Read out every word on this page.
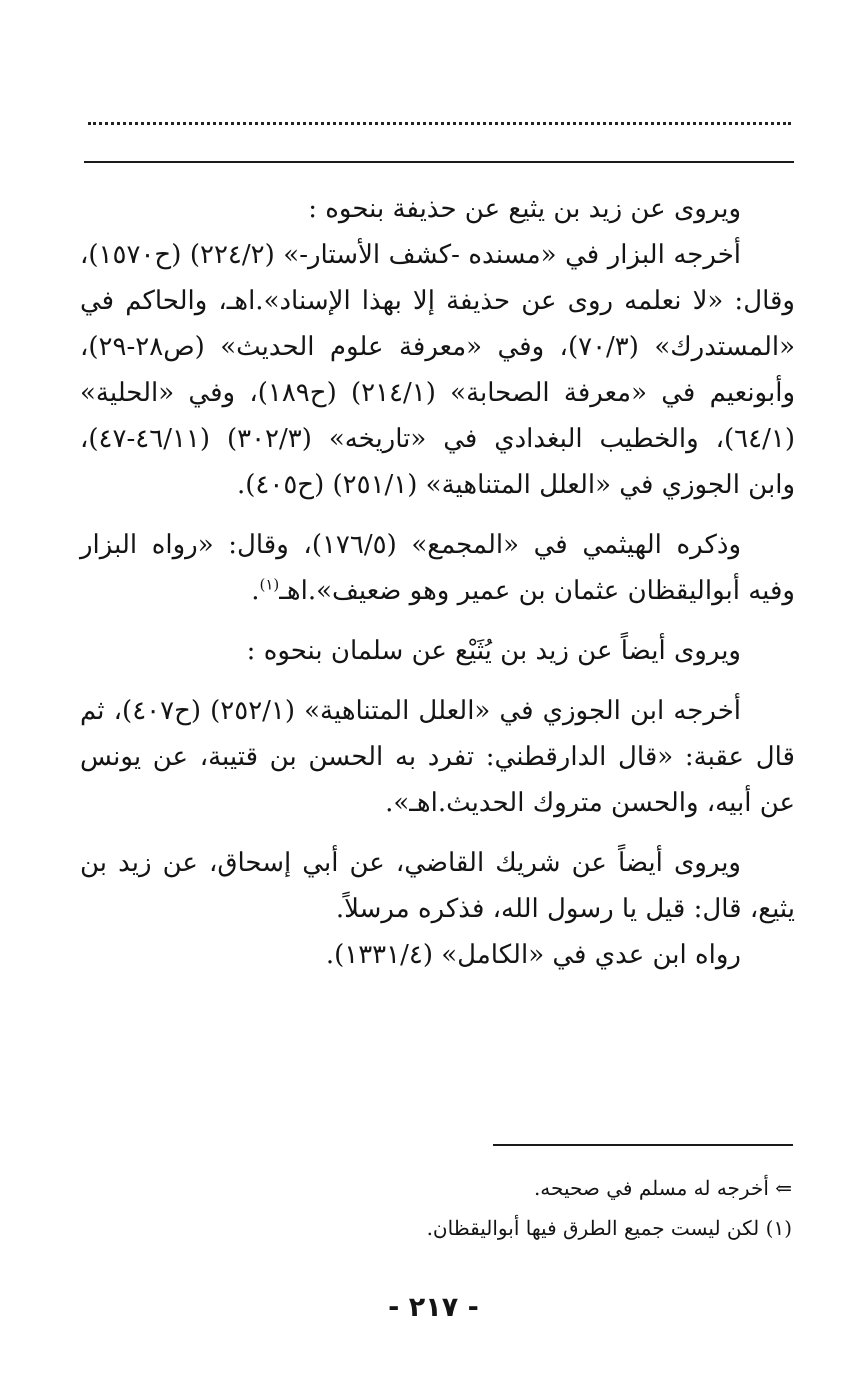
ويروى عن زيد بن يثيع عن حذيفة بنحوه :

أخرجه البزار في «مسنده -كشف الأستار-» (٢٢٤/٢) (ح١٥٧٠)، وقال: «لا نعلمه روى عن حذيفة إلا بهذا الإسناد».اهـ، والحاكم في «المستدرك» (٧٠/٣)، وفي «معرفة علوم الحديث» (ص٢٨-٢٩)، وأبونعيم في «معرفة الصحابة» (٢١٤/١) (ح١٨٩)، وفي «الحلية» (٦٤/١)، والخطيب البغدادي في «تاريخه» (٣٠٢/٣) (٤٦/١١-٤٧)، وابن الجوزي في «العلل المتناهية» (٢٥١/١) (ح٤٠٥).

وذكره الهيثمي في «المجمع» (١٧٦/٥)، وقال: «رواه البزار وفيه أبواليقظان عثمان بن عمير وهو ضعيف».اهـ$^{(١)}$.

ويروى أيضاً عن زيد بن يُثَيْع عن سلمان بنحوه :

أخرجه ابن الجوزي في «العلل المتناهية» (٢٥٢/١) (ح٤٠٧)، ثم قال عقبة: «قال الدارقطني: تفرد به الحسن بن قتيبة، عن يونس عن أبيه، والحسن متروك الحديث.اهـ».

ويروى أيضاً عن شريك القاضي، عن أبي إسحاق، عن زيد بن يثيع، قال: قيل يا رسول الله، فذكره مرسلاً.

رواه ابن عدي في «الكامل» (١٣٣١/٤).

⇐ أخرجه له مسلم في صحيحه.

(١) لكن ليست جميع الطرق فيها أبواليقظان.

- ٢١٧ -
